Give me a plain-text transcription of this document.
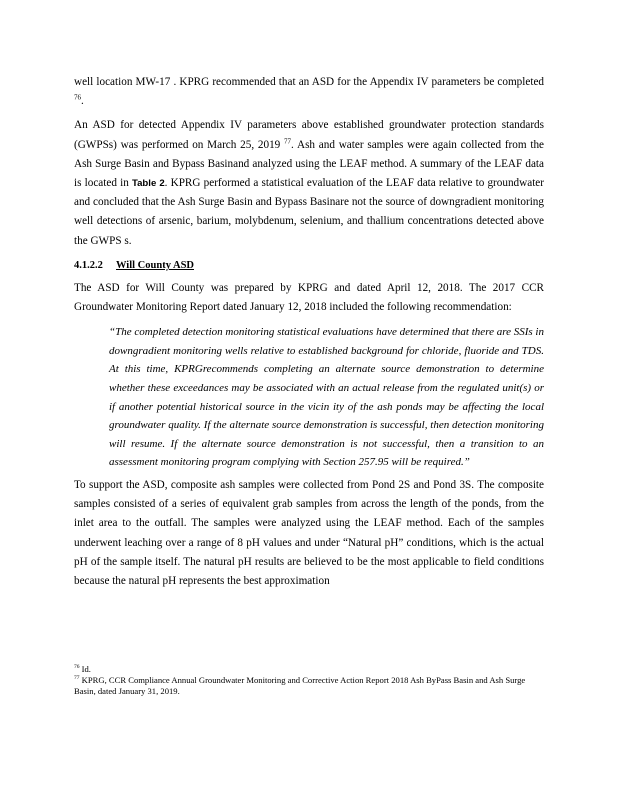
well location MW-17 . KPRG recommended that an ASD for the Appendix IV parameters be completed $^{76}$.

An ASD for detected Appendix IV parameters above established groundwater protection standards (GWPSs) was performed on March 25, 2019 $^{77}$. Ash and water samples were again collected from the Ash Surge Basin and Bypass Basinand analyzed using the LEAF method. A summary of the LEAF data is located in Table 2. KPRG performed a statistical evaluation of the LEAF data relative to groundwater and concluded that the Ash Surge Basin and Bypass Basinare not the source of downgradient monitoring well detections of arsenic, barium, molybdenum, selenium, and thallium concentrations detected above the GWPS s.

4.1.2.2 Will County ASD

The ASD for Will County was prepared by KPRG and dated April 12, 2018. The 2017 CCR Groundwater Monitoring Report dated January 12, 2018 included the following recommendation:

“The completed detection monitoring statistical evaluations have determined that there are SSIs in downgradient monitoring wells relative to established background for chloride, fluoride and TDS. At this time, KPRGrecommends completing an alternate source demonstration to determine whether these exceedances may be associated with an actual release from the regulated unit(s) or if another potential historical source in the vicin ity of the ash ponds may be affecting the local groundwater quality. If the alternate source demonstration is successful, then detection monitoring will resume. If the alternate source demonstration is not successful, then a transition to an assessment monitoring program complying with Section 257.95 will be required.”

To support the ASD, composite ash samples were collected from Pond 2S and Pond 3S. The composite samples consisted of a series of equivalent grab samples from across the length of the ponds, from the inlet area to the outfall. The samples were analyzed using the LEAF method. Each of the samples underwent leaching over a range of 8 pH values and under “Natural pH” conditions, which is the actual pH of the sample itself. The natural pH results are believed to be the most applicable to field conditions because the natural pH represents the best approximation

$^{76}$ Id.

$^{77}$ KPRG, CCR Compliance Annual Groundwater Monitoring and Corrective Action Report 2018 Ash ByPass Basin and Ash Surge Basin, dated January 31, 2019.
